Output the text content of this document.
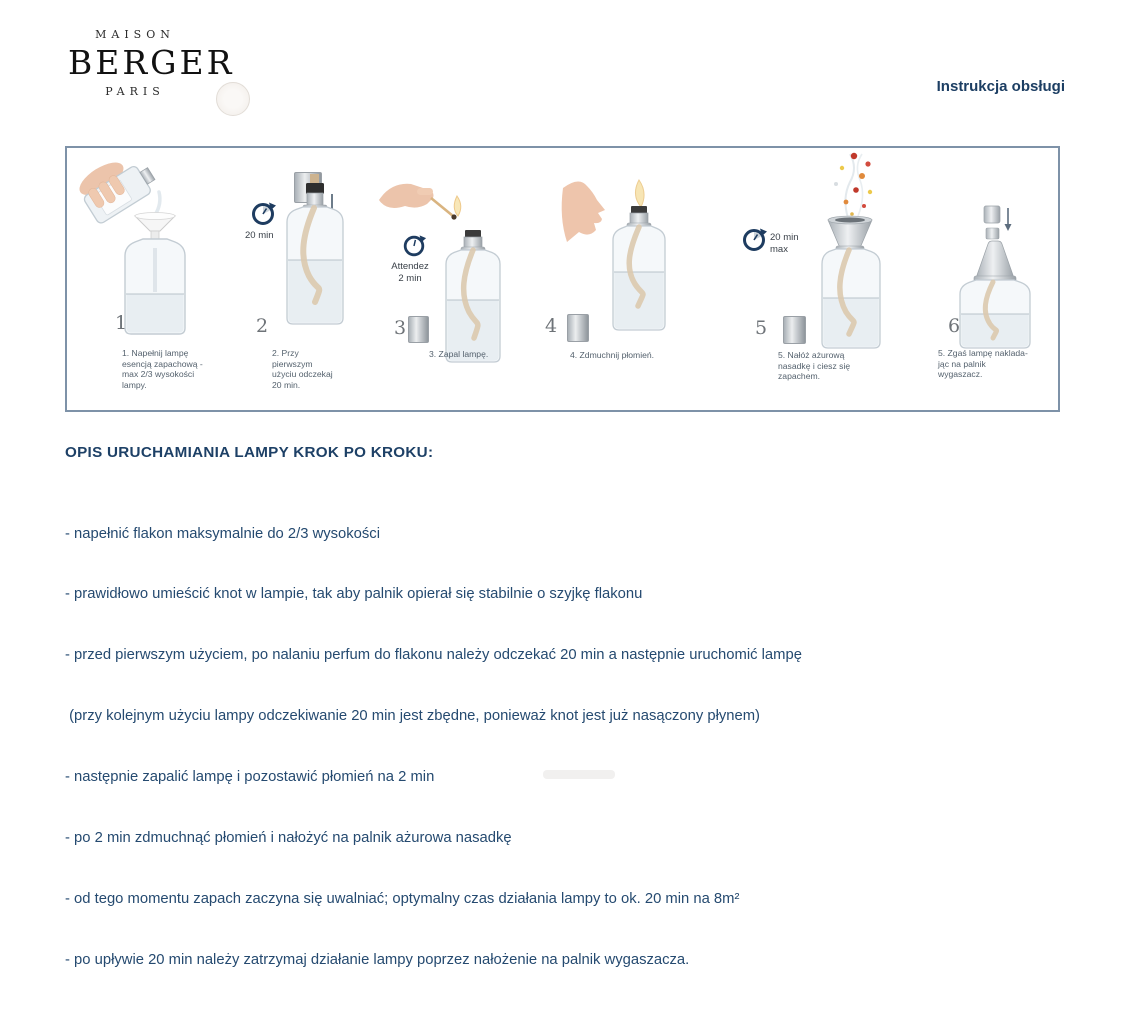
MAISON
BERGER
PARIS	Instrukcja obsługi
1
1. Napełnij lampę esencją zapachową - max 2/3 wysokości lampy.
20 min
2
2. Przy pierwszym użyciu odczekaj 20 min.
Attendez
2 min
3
3. Zapal lampę.
4
4. Zdmuchnij płomień.
20 min
max
5
5. Nałóż ażurową nasadkę i ciesz się zapachem.
6
5. Zgaś lampę naklada- jąc na palnik wygaszacz.
OPIS URUCHAMIANIA LAMPY KROK PO KROKU:

- napełnić flakon maksymalnie do 2/3 wysokości

- prawidłowo umieścić knot w lampie, tak aby palnik opierał się stabilnie o szyjkę flakonu

- przed pierwszym użyciem, po nalaniu perfum do flakonu należy odczekać 20 min a następnie uruchomić lampę

(przy kolejnym użyciu lampy odczekiwanie 20 min jest zbędne, ponieważ knot jest już nasączony płynem)

- następnie zapalić lampę i pozostawić płomień na 2 min

- po 2 min zdmuchnąć płomień i nałożyć na palnik ażurowa nasadkę

- od tego momentu zapach zaczyna się uwalniać; optymalny czas działania lampy to ok. 20 min na 8m²

- po upływie 20 min należy zatrzymaj działanie lampy poprzez nałożenie na palnik wygaszacza.
